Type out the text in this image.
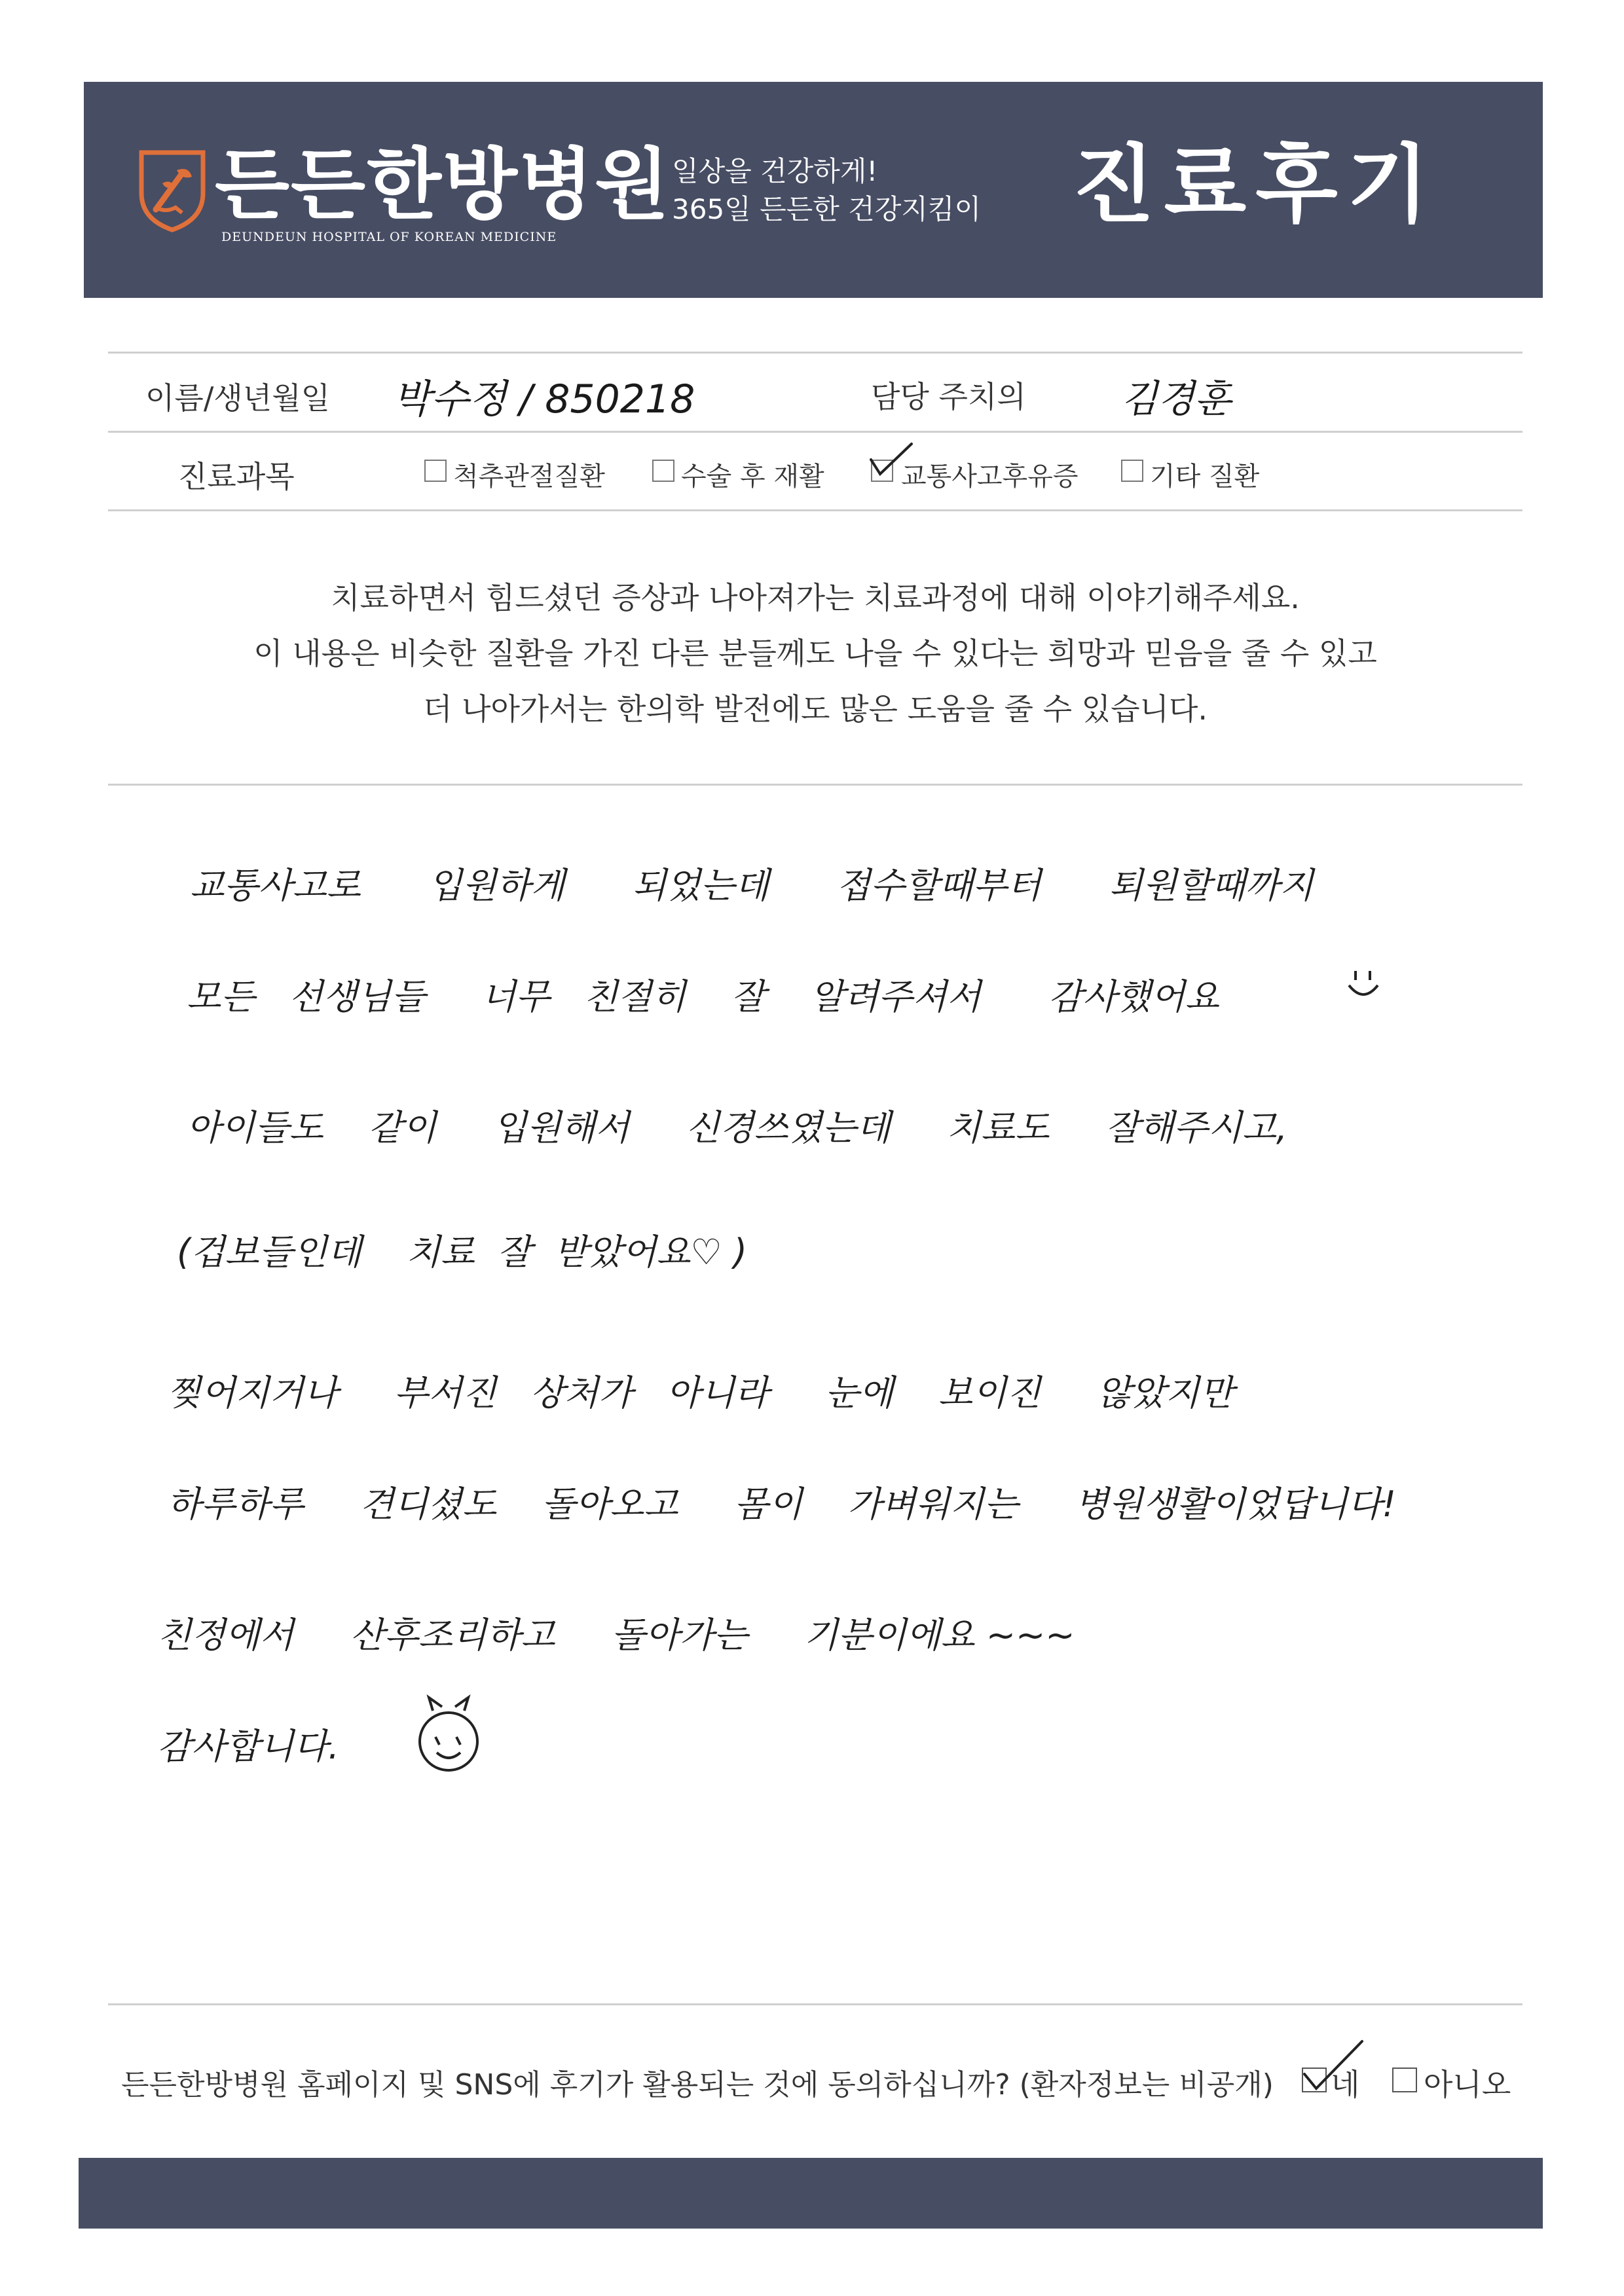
든든한방병원
DEUNDEUN HOSPITAL OF KOREAN MEDICINE
일상을 건강하게!
365일 든든한 건강지킴이 진료후기
이름/생년월일 박수정 / 850218	담당 주치의	김경훈
진료과목	척추관절질환	수술 후 재활	교통사고후유증	기타 질환
치료하면서 힘드셨던 증상과 나아져가는 치료과정에 대해 이야기해주세요.
이 내용은 비슷한 질환을 가진 다른 분들께도 나을 수 있다는 희망과 믿음을 줄 수 있고
더 나아가서는 한의학 발전에도 많은 도움을 줄 수 있습니다.
교통사고로      입원하게      되었는데      접수할때부터      퇴원할때까지
모든   선생님들     너무   친절히    잘    알려주셔서      감사했어요
아이들도    같이     입원해서     신경쓰였는데     치료도     잘해주시고,
(겁보들인데    치료  잘  받았어요♡ )
찢어지거나     부서진   상처가   아니라     눈에    보이진     않았지만
하루하루     견디셨도    돌아오고     몸이    가벼워지는     병원생활이었답니다!
친정에서     산후조리하고     돌아가는     기분이에요 ~~~
감사합니다.
든든한방병원 홈페이지 및 SNS에 후기가 활용되는 것에 동의하십니까? (환자정보는 비공개) 네 아니오
